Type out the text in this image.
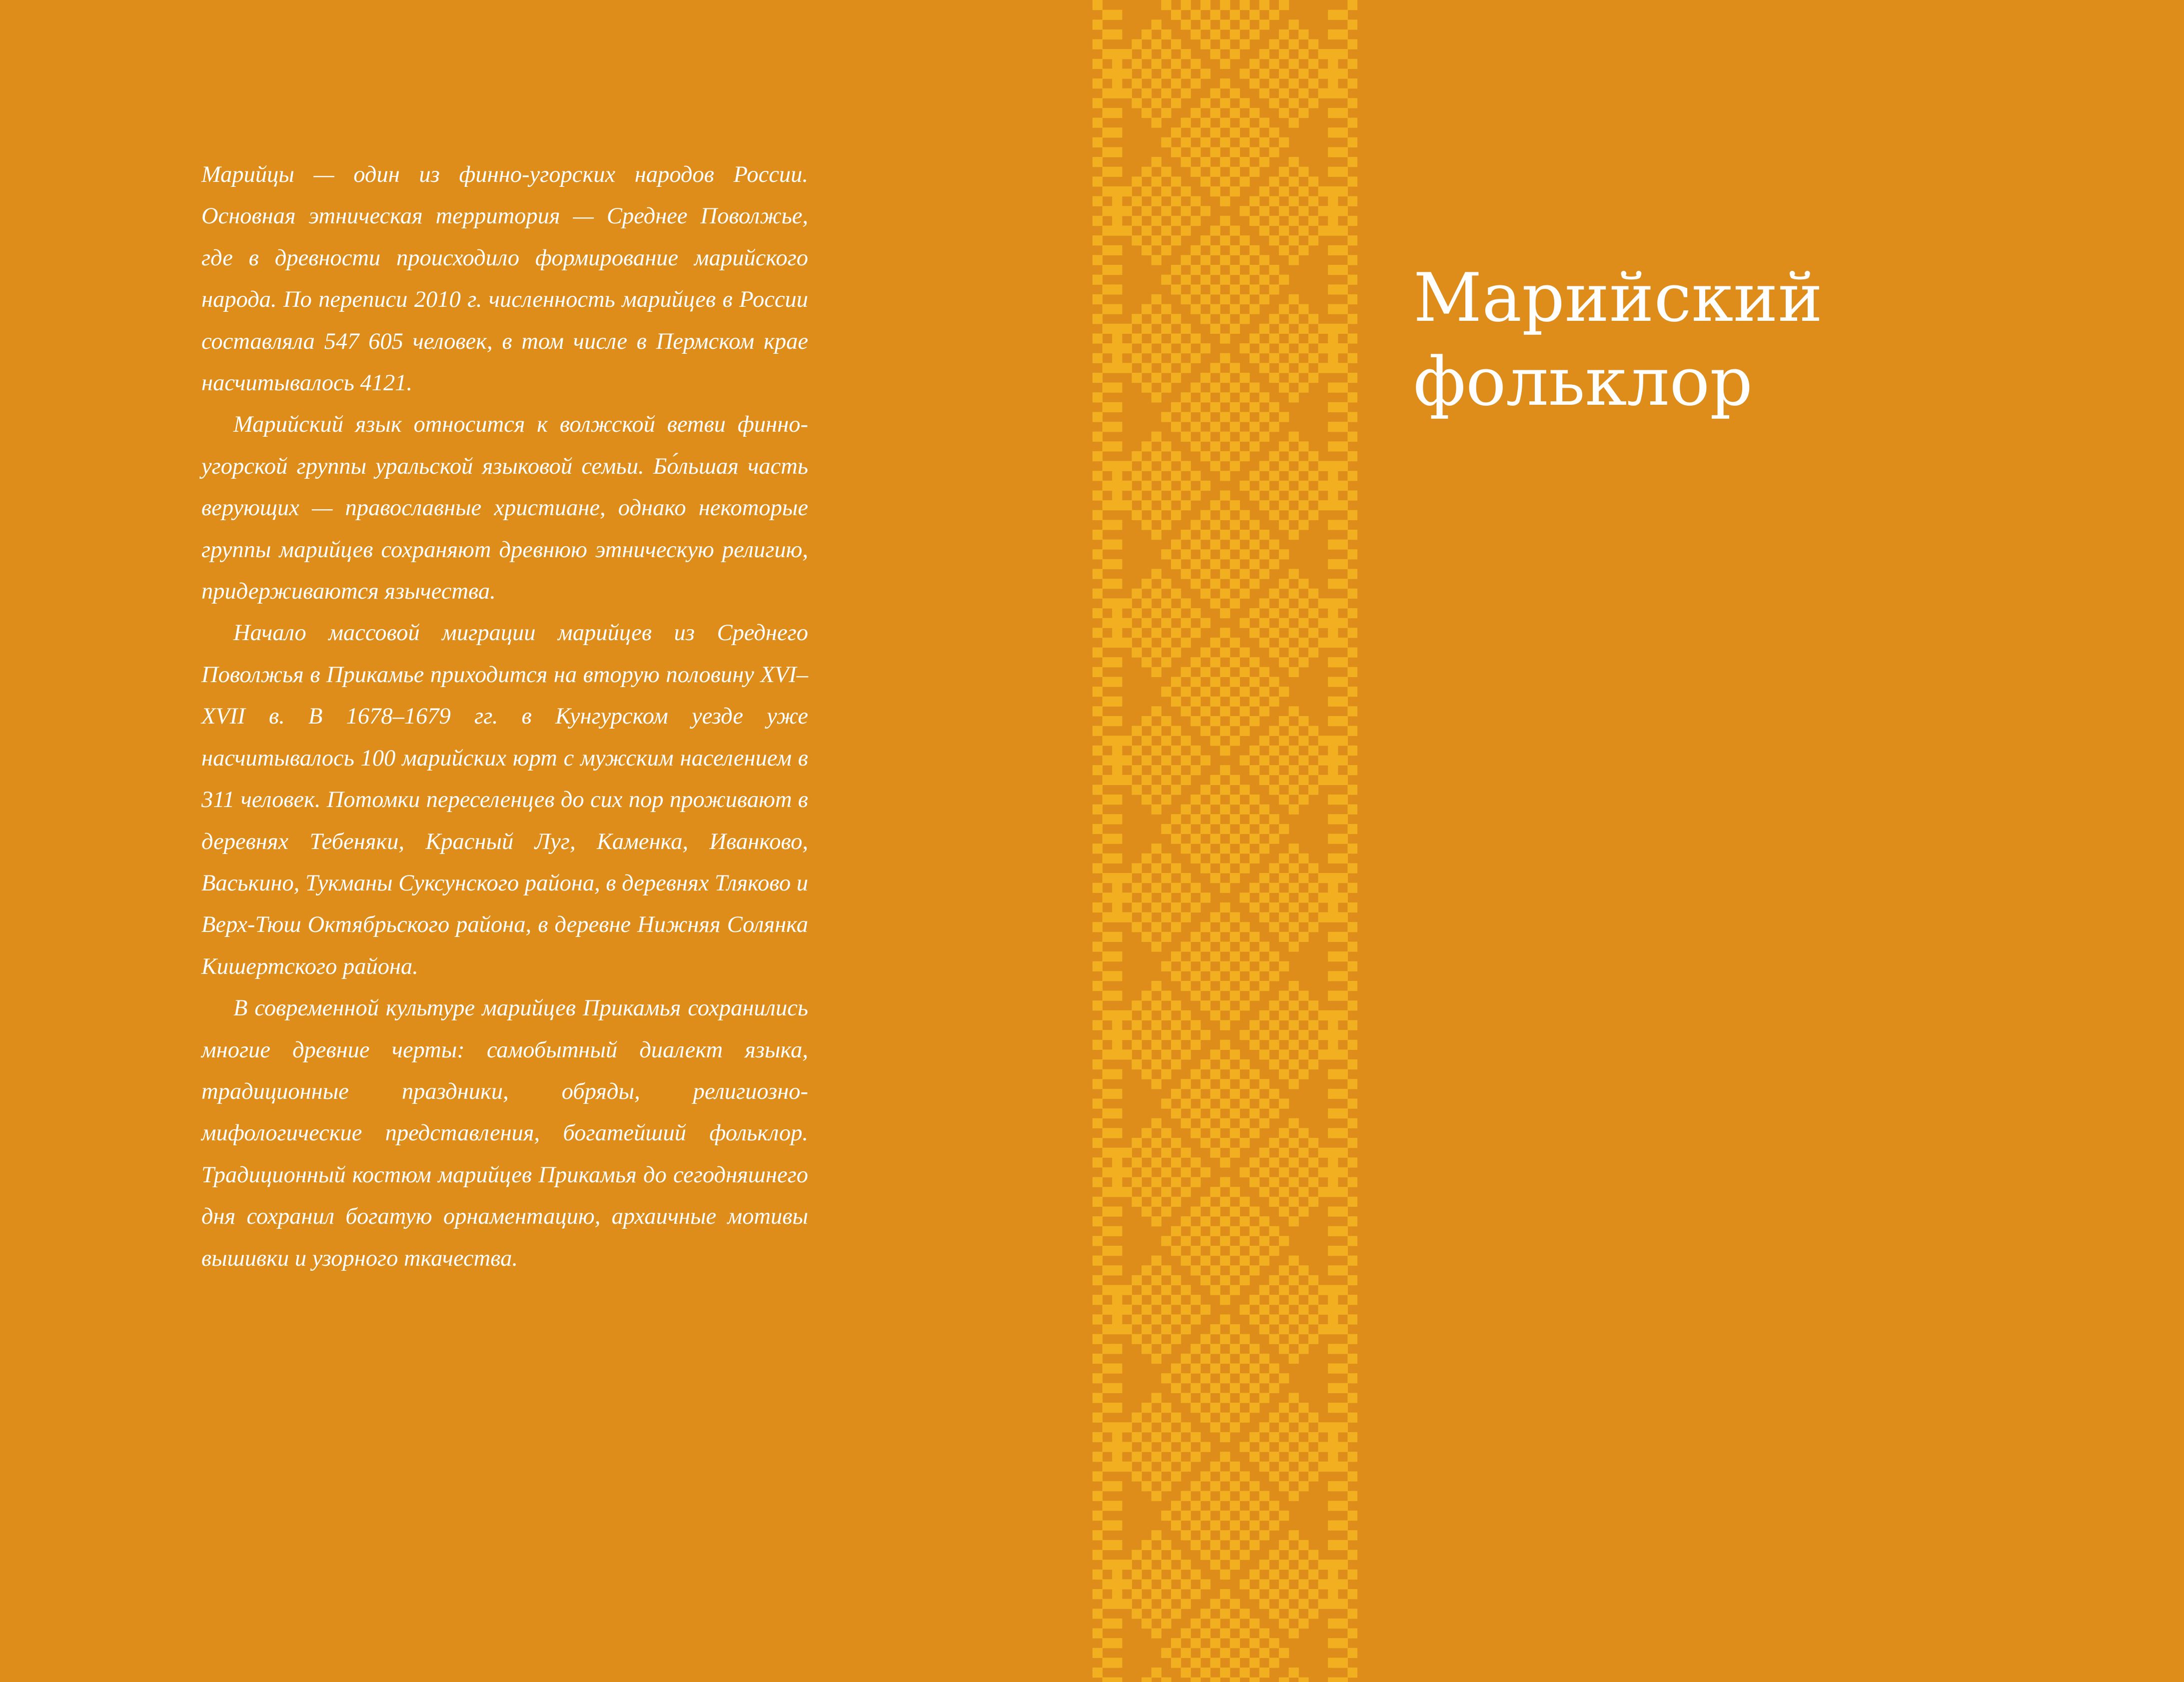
Марийцы — один из финно-угорских народов России. Основная этническая территория — Среднее Поволжье, где в древности происходило формирование марийского народа. По переписи 2010 г. численность марийцев в России составляла 547 605 человек, в том числе в Пермском крае насчитывалось 4121.

Марийский язык относится к волжской ветви финно-угорской группы уральской языковой семьи. Бо́льшая часть верующих — православные христиане, однако некоторые группы марийцев сохраняют древнюю этническую религию, придерживаются язычества.

Начало массовой миграции марийцев из Среднего Поволжья в Прикамье приходится на вторую половину XVI–XVII в. В 1678–1679 гг. в Кунгурском уезде уже насчитывалось 100 марийских юрт с мужским населением в 311 человек. Потомки переселенцев до сих пор проживают в деревнях Тебеняки, Красный Луг, Каменка, Иванково, Васькино, Тукманы Суксунского района, в деревнях Тляково и Верх-Тюш Октябрьского района, в деревне Нижняя Солянка Кишертского района.

В современной культуре марийцев Прикамья сохранились многие древние черты: самобытный диалект языка, традиционные праздники, обряды, религиозно-мифологические представления, богатейший фольклор. Традиционный костюм марийцев Прикамья до сегодняшнего дня сохранил богатую орнаментацию, архаичные мотивы вышивки и узорного ткачества.

Марийский
фольклор
